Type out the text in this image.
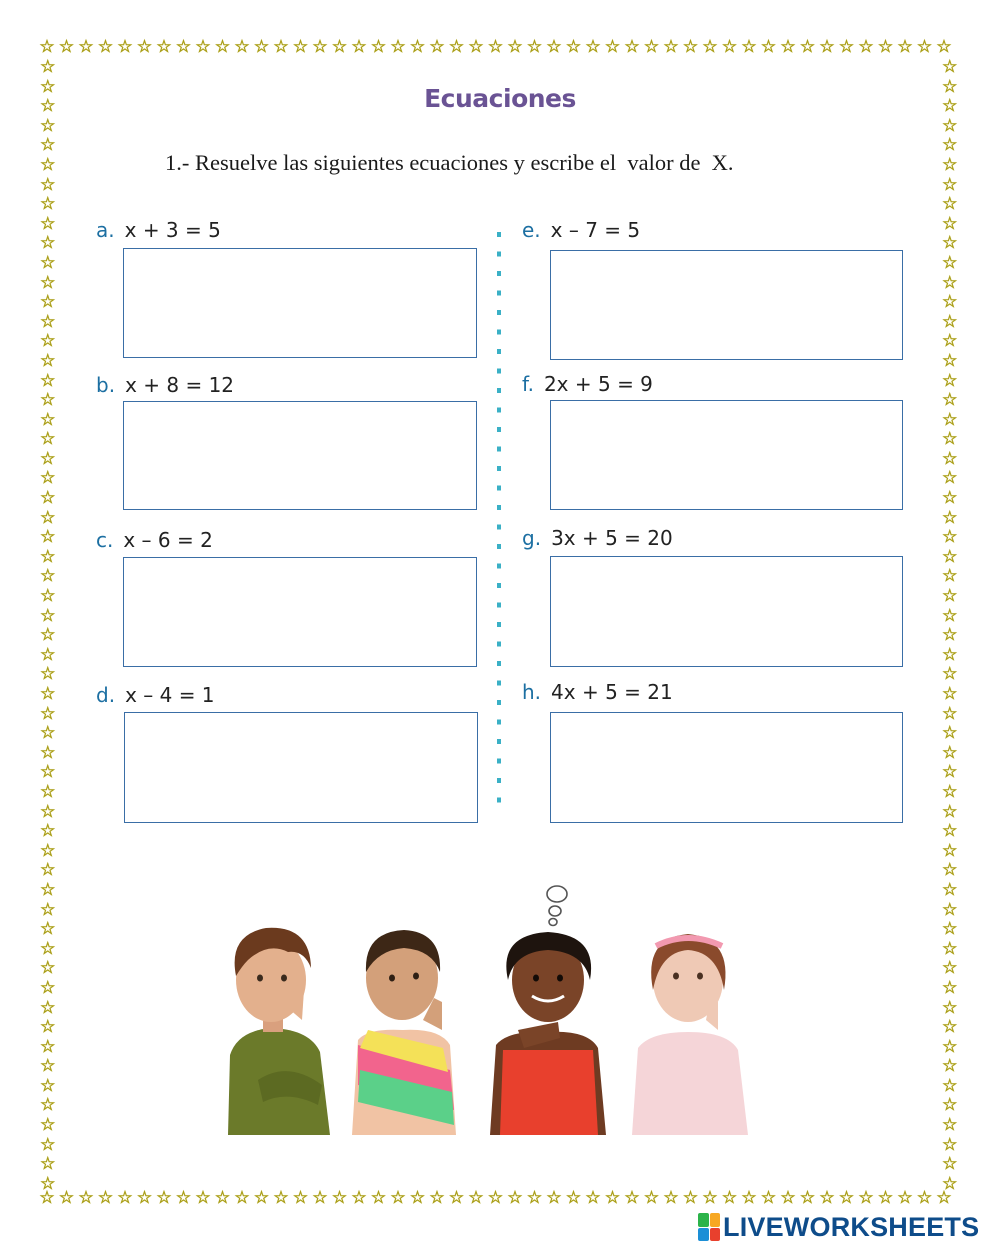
☆ ☆ ☆ ☆ ☆ ☆ ☆ ☆ ☆ ☆ ☆ ☆ ☆ ☆ ☆ ☆ ☆ ☆ ☆ ☆ ☆ ☆ ☆ ☆ ☆ ☆ ☆ ☆ ☆ ☆ ☆ ☆ ☆ ☆ ☆ ☆ ☆ ☆ ☆ ☆ ☆ ☆ ☆ ☆ ☆ ☆ ☆
☆ ☆ ☆ ☆ ☆ ☆ ☆ ☆ ☆ ☆ ☆ ☆ ☆ ☆ ☆ ☆ ☆ ☆ ☆ ☆ ☆ ☆ ☆ ☆ ☆ ☆ ☆ ☆ ☆ ☆ ☆ ☆ ☆ ☆ ☆ ☆ ☆ ☆ ☆ ☆ ☆ ☆ ☆ ☆ ☆ ☆ ☆
☆
☆
☆
☆
☆
☆
☆
☆
☆
☆
☆
☆
☆
☆
☆
☆
☆
☆
☆
☆
☆
☆
☆
☆
☆
☆
☆
☆
☆
☆
☆
☆
☆
☆
☆
☆
☆
☆
☆
☆
☆
☆
☆
☆
☆
☆
☆
☆
☆
☆
☆
☆
☆
☆
☆
☆
☆
☆
☆
☆
☆
☆
☆
☆
☆
☆
☆
☆
☆
☆
☆
☆
☆
☆
☆
☆
☆
☆
☆
☆
☆
☆
☆
☆
☆
☆
☆
☆
☆
☆
☆
☆
☆
☆
☆
☆
☆
☆
☆
☆
☆
☆
☆
☆
☆
☆
☆
☆
☆
☆
☆
☆
☆
☆
☆
☆
Ecuaciones
1.- Resuelve las siguientes ecuaciones y escribe el  valor de  X.
a. x + 3 = 5
b. x + 8 = 12
c. x – 6 = 2
d. x – 4 = 1
e. x – 7 = 5
f. 2x + 5 = 9
g. 3x + 5 = 20
h. 4x + 5 = 21
LIVEWORKSHEETS
